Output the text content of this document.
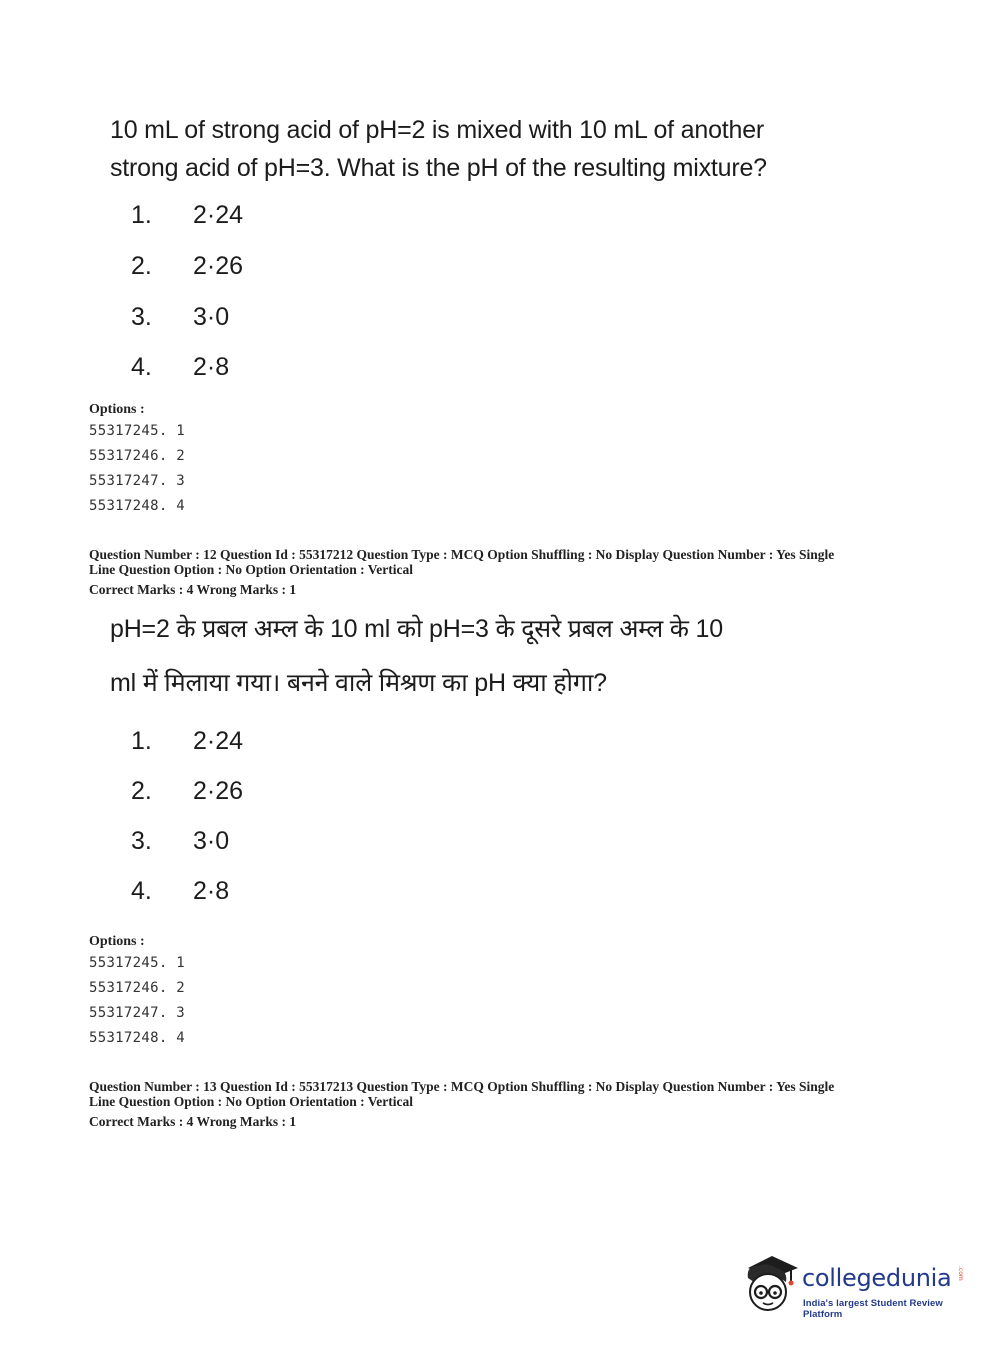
10 mL of strong acid of pH=2 is mixed with 10 mL of another
strong acid of pH=3. What is the pH of the resulting mixture?
1. 2·24
2. 2·26
3. 3·0
4. 2·8
Options :
55317245. 1
55317246. 2
55317247. 3
55317248. 4
Question Number : 12 Question Id : 55317212 Question Type : MCQ Option Shuffling : No Display Question Number : Yes Single
Line Question Option : No Option Orientation : Vertical
Correct Marks : 4 Wrong Marks : 1
pH=2 के प्रबल अम्ल के 10 ml को pH=3 के दूसरे प्रबल अम्ल के 10
ml में मिलाया गया। बनने वाले मिश्रण का pH क्या होगा?
1. 2·24
2. 2·26
3. 3·0
4. 2·8
Options :
55317245. 1
55317246. 2
55317247. 3
55317248. 4
Question Number : 13 Question Id : 55317213 Question Type : MCQ Option Shuffling : No Display Question Number : Yes Single
Line Question Option : No Option Orientation : Vertical
Correct Marks : 4 Wrong Marks : 1
collegedunia .com
India's largest Student Review Platform
